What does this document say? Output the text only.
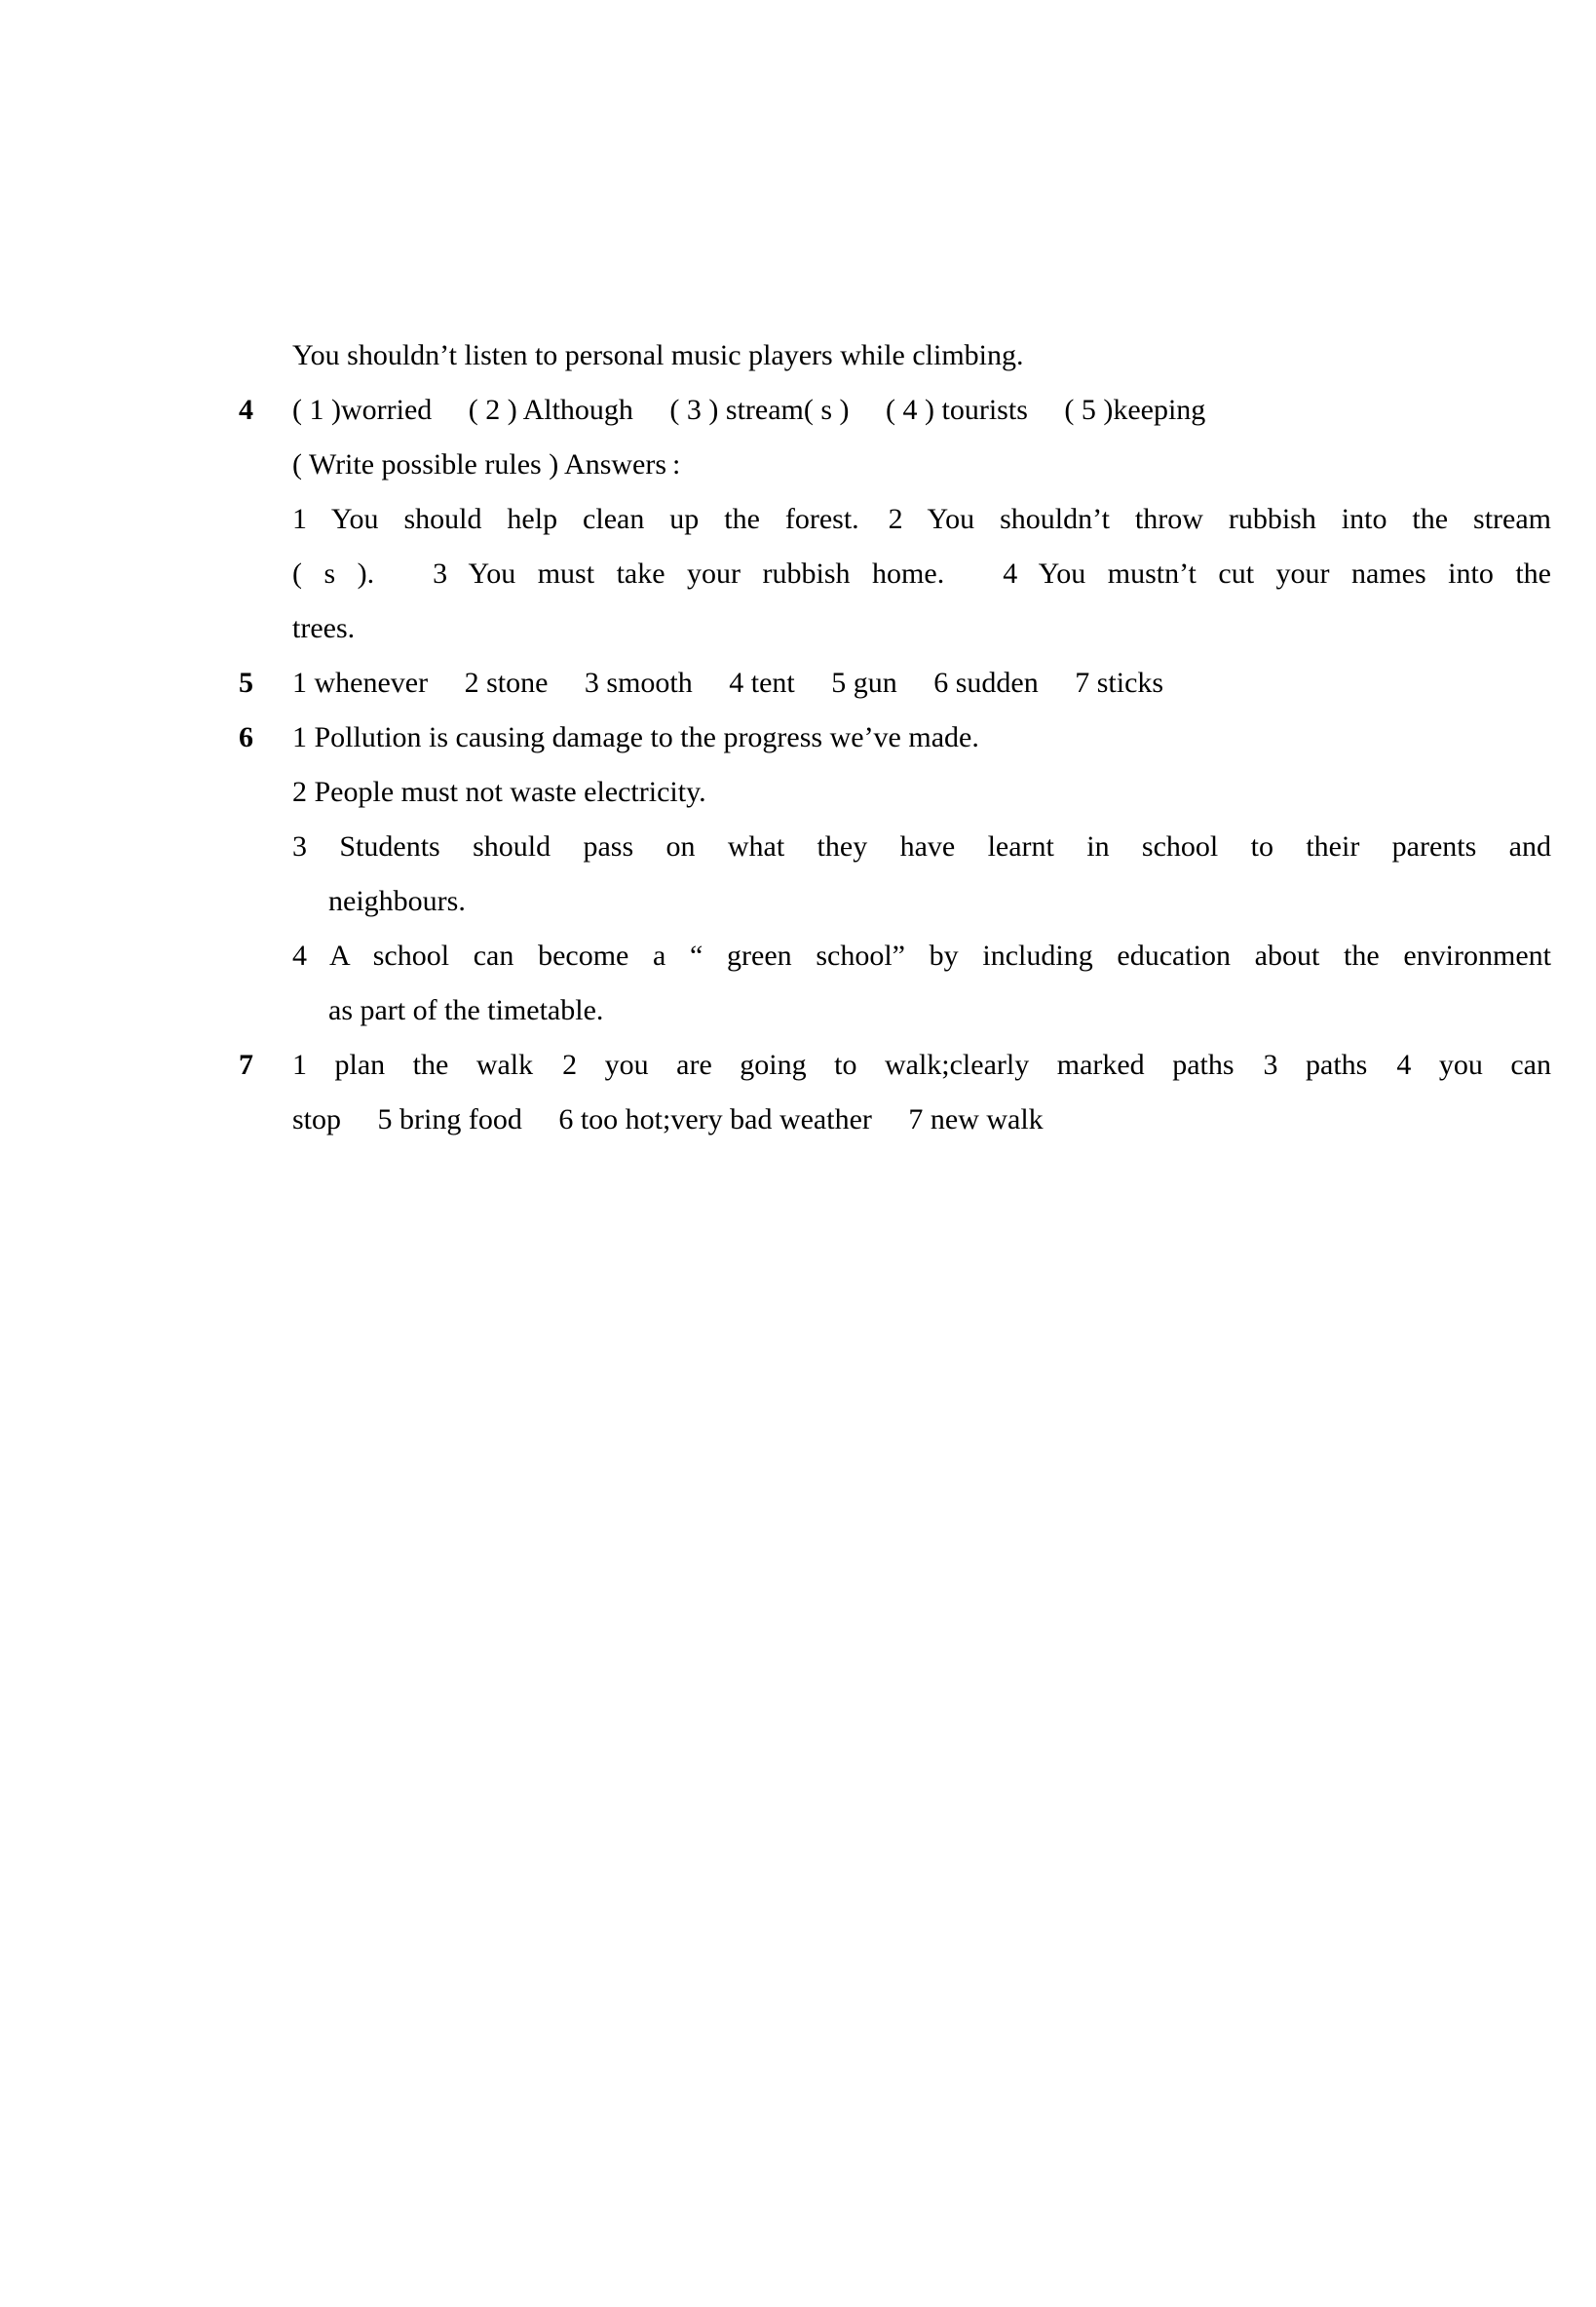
You shouldn’t listen to personal music players while climbing.
4	( 1 )worried  ( 2 ) Although  ( 3 ) stream( s )  ( 4 ) tourists  ( 5 )keeping
( Write possible rules ) Answers :
1 You should help clean up the forest. 2 You shouldn’t throw rubbish into the stream
( s ).  3 You must take your rubbish home.  4 You mustn’t cut your names into the
trees.
5	1 whenever  2 stone  3 smooth  4 tent  5 gun  6 sudden  7 sticks
6	1 Pollution is causing damage to the progress we’ve made.
2 People must not waste electricity.
3 Students should pass on what they have learnt in school to their parents and
neighbours.
4 A school can become a “ green school” by including education about the environment
as part of the timetable.
7	1 plan the walk 2 you are going to walk;clearly marked paths 3 paths 4 you can
stop  5 bring food  6 too hot;very bad weather  7 new walk
